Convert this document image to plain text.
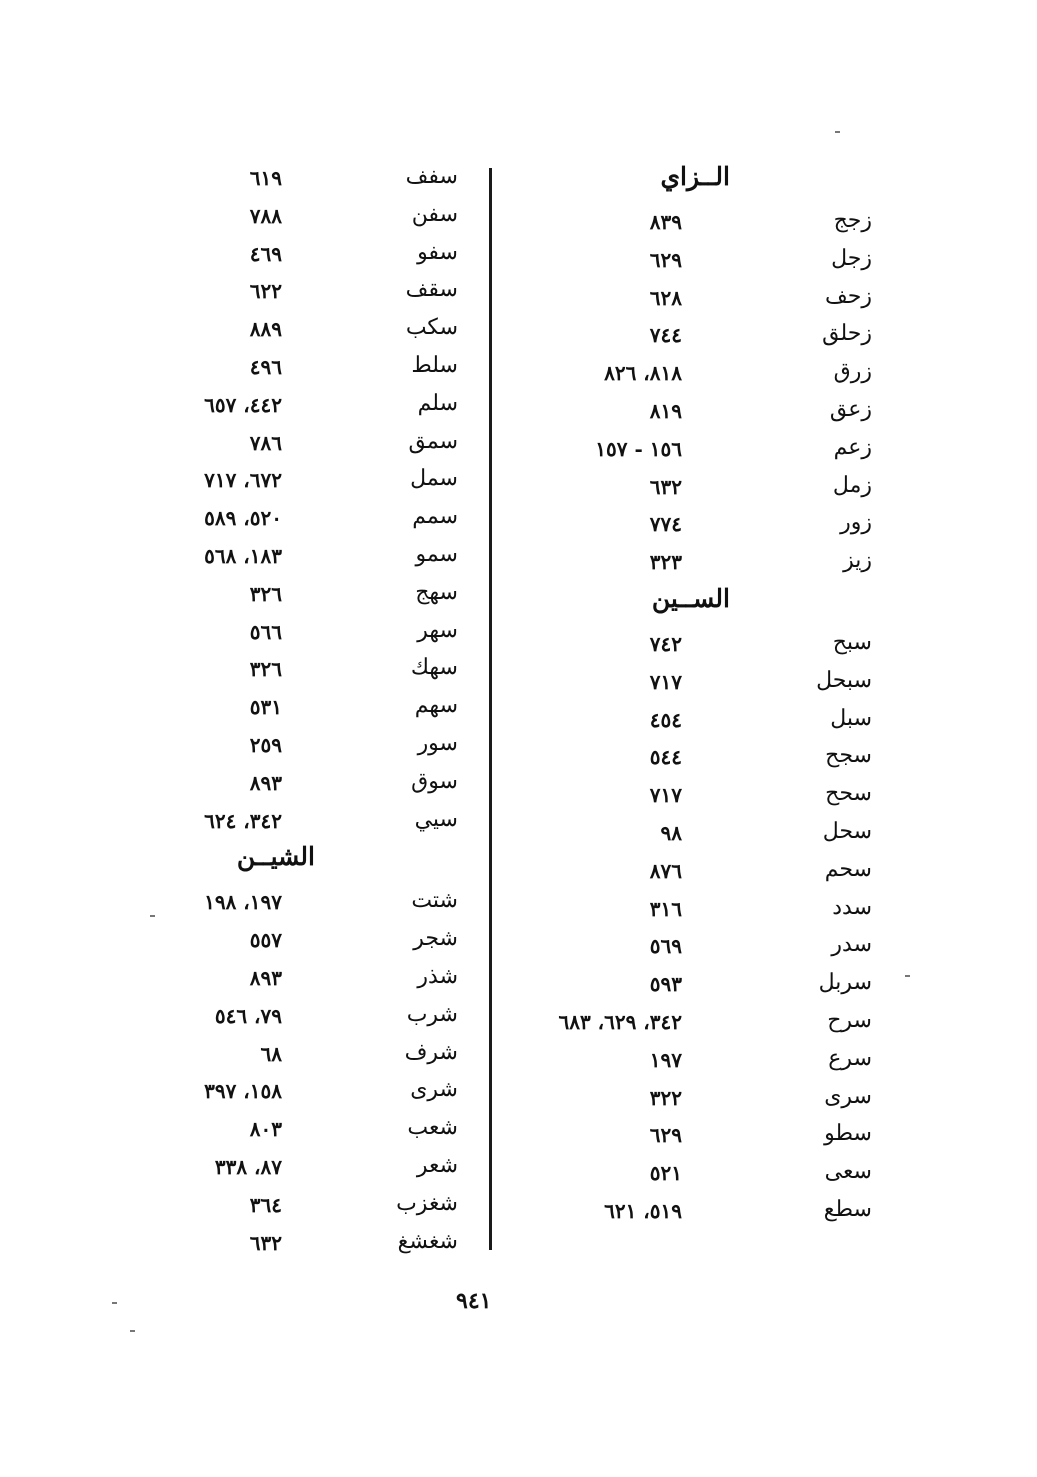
الــزاي
زجج
٨٣٩
زجل
٦٢٩
زحف
٦٢٨
زحلق
٧٤٤
زرق
٨١٨، ٨٢٦
زعق
٨١٩
زعم
١٥٦ - ١٥٧
زمل
٦٣٢
زور
٧٧٤
زيز
٣٢٣
الســين
سبح
٧٤٢
سبحل
٧١٧
سبل
٤٥٤
سجح
٥٤٤
سحح
٧١٧
سحل
٩٨
سحم
٨٧٦
سدد
٣١٦
سدر
٥٦٩
سربل
٥٩٣
سرح
٣٤٢، ٦٢٩، ٦٨٣
سرع
١٩٧
سرى
٣٢٢
سطو
٦٢٩
سعى
٥٢١
سطع
٥١٩، ٦٢١
سفف
٦١٩
سفن
٧٨٨
سفو
٤٦٩
سقف
٦٢٢
سكب
٨٨٩
سلط
٤٩٦
سلم
٤٤٢، ٦٥٧
سمق
٧٨٦
سمل
٦٧٢، ٧١٧
سمم
٥٢٠، ٥٨٩
سمو
١٨٣، ٥٦٨
سهج
٣٢٦
سهر
٥٦٦
سهك
٣٢٦
سهم
٥٣١
سور
٢٥٩
سوق
٨٩٣
سيي
٣٤٢، ٦٢٤
الشيــن
شتت
١٩٧، ١٩٨
شجر
٥٥٧
شذر
٨٩٣
شرب
٧٩، ٥٤٦
شرف
٦٨
شرى
١٥٨، ٣٩٧
شعب
٨٠٣
شعر
٨٧، ٣٣٨
شغزب
٣٦٤
شغشغ
٦٣٢
٩٤١
